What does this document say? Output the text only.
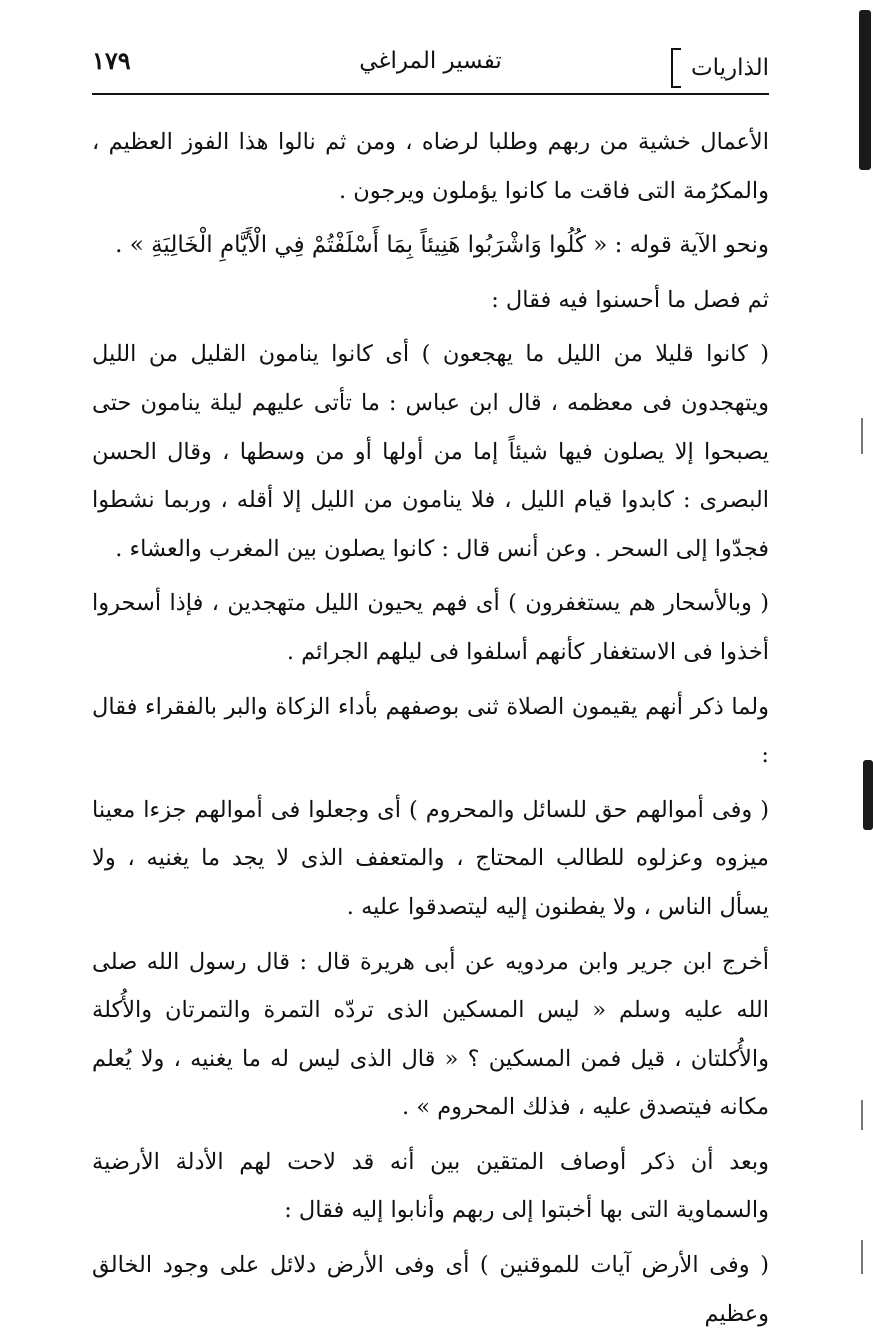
الذاريات
تفسير المراغي
١٧٩

الأعمال خشية من ربهم وطلبا لرضاه ، ومن ثم نالوا هذا الفوز العظيم ، والمكرُمة التى فاقت ما كانوا يؤملون ويرجون .

ونحو الآية قوله : « كُلُوا وَاشْرَبُوا هَنِيئاً بِمَا أَسْلَفْتُمْ فِي الْأَيَّامِ الْخَالِيَةِ » .

ثم فصل ما أحسنوا فيه فقال :

( كانوا قليلا من الليل ما يهجعون ) أى كانوا ينامون القليل من الليل ويتهجدون فى معظمه ، قال ابن عباس : ما تأتى عليهم ليلة ينامون حتى يصبحوا إلا يصلون فيها شيئاً إما من أولها أو من وسطها ، وقال الحسن البصرى : كابدوا قيام الليل ، فلا ينامون من الليل إلا أقله ، وربما نشطوا فجدّوا إلى السحر . وعن أنس قال : كانوا يصلون بين المغرب والعشاء .

( وبالأسحار هم يستغفرون ) أى فهم يحيون الليل متهجدين ، فإذا أسحروا أخذوا فى الاستغفار كأنهم أسلفوا فى ليلهم الجرائم .

ولما ذكر أنهم يقيمون الصلاة ثنى بوصفهم بأداء الزكاة والبر بالفقراء فقال :

( وفى أموالهم حق للسائل والمحروم ) أى وجعلوا فى أموالهم جزءا معينا ميزوه وعزلوه للطالب المحتاج ، والمتعفف الذى لا يجد ما يغنيه ، ولا يسأل الناس ، ولا يفطنون إليه ليتصدقوا عليه .

أخرج ابن جرير وابن مردويه عن أبى هريرة قال : قال رسول الله صلى الله عليه وسلم « ليس المسكين الذى تردّه التمرة والتمرتان والأُكلة والأُكلتان ، قيل فمن المسكين ؟ « قال الذى ليس له ما يغنيه ، ولا يُعلم مكانه فيتصدق عليه ، فذلك المحروم » .

وبعد أن ذكر أوصاف المتقين بين أنه قد لاحت لهم الأدلة الأرضية والسماوية التى بها أخبتوا إلى ربهم وأنابوا إليه فقال :

( وفى الأرض آيات للموقنين ) أى وفى الأرض دلائل على وجود الخالق وعظيم
